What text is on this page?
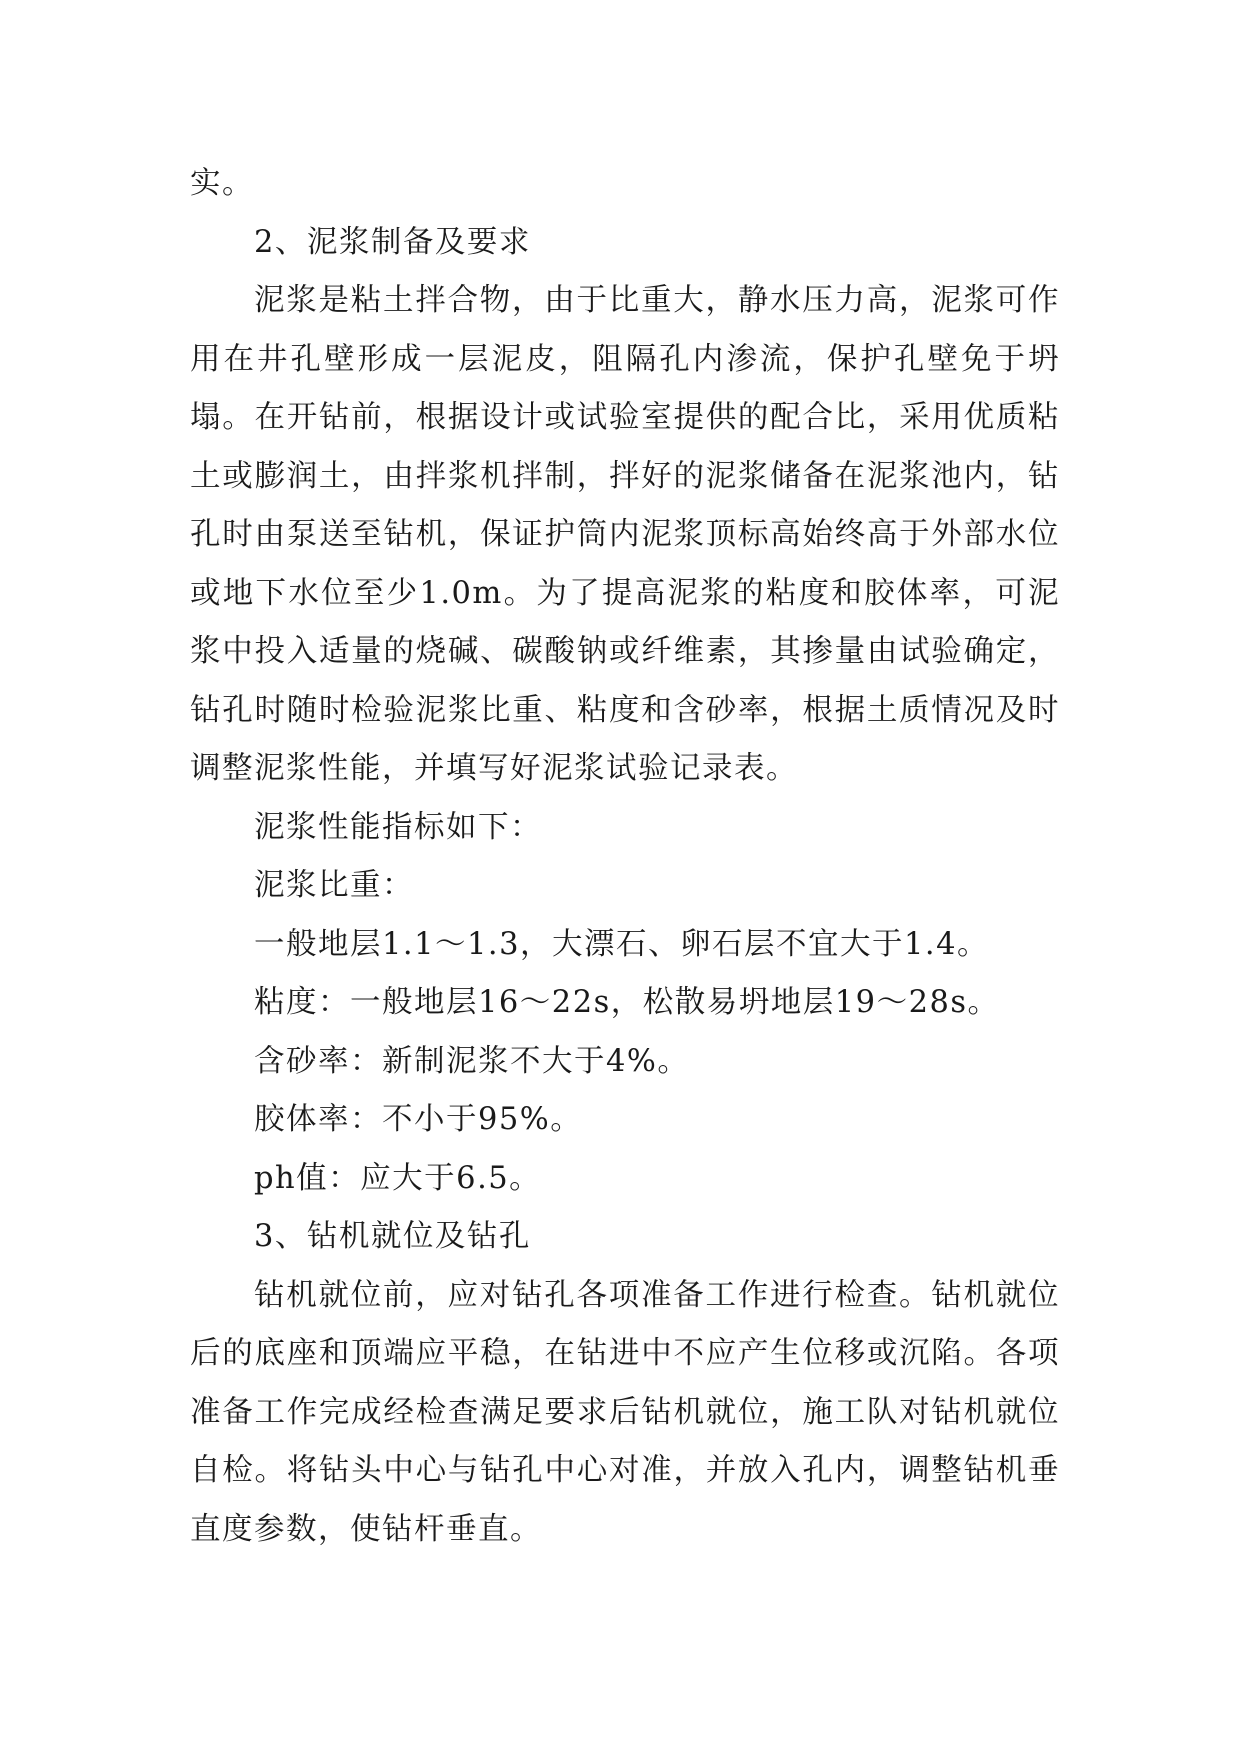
实。

2、泥浆制备及要求

泥浆是粘土拌合物，由于比重大，静水压力高，泥浆可作用在井孔壁形成一层泥皮，阻隔孔内渗流，保护孔壁免于坍塌。在开钻前，根据设计或试验室提供的配合比，采用优质粘土或膨润土，由拌浆机拌制，拌好的泥浆储备在泥浆池内，钻孔时由泵送至钻机，保证护筒内泥浆顶标高始终高于外部水位或地下水位至少1.0m。为了提高泥浆的粘度和胶体率，可泥浆中投入适量的烧碱、碳酸钠或纤维素，其掺量由试验确定，钻孔时随时检验泥浆比重、粘度和含砂率，根据土质情况及时调整泥浆性能，并填写好泥浆试验记录表。

泥浆性能指标如下：

泥浆比重：

一般地层1.1～1.3，大漂石、卵石层不宜大于1.4。

粘度：一般地层16～22s，松散易坍地层19～28s。

含砂率：新制泥浆不大于4%。

胶体率：不小于95%。

ph值：应大于6.5。

3、钻机就位及钻孔

钻机就位前，应对钻孔各项准备工作进行检查。钻机就位后的底座和顶端应平稳，在钻进中不应产生位移或沉陷。各项准备工作完成经检查满足要求后钻机就位，施工队对钻机就位自检。将钻头中心与钻孔中心对准，并放入孔内，调整钻机垂直度参数，使钻杆垂直。
